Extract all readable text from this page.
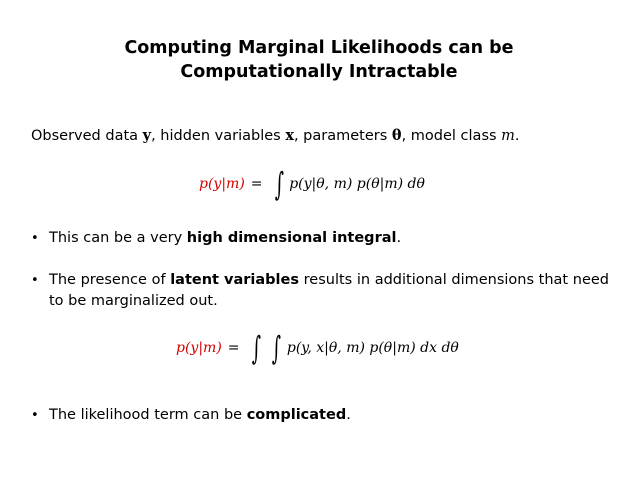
Computing Marginal Likelihoods can be
Computationally Intractable
Observed data y, hidden variables x, parameters θ, model class m.
p(y|m) = ∫ p(y|θ, m) p(θ|m) dθ
• This can be a very high dimensional integral.
• The presence of latent variables results in additional dimensions that need to be marginalized out.
p(y|m) = ∫ ∫ p(y, x|θ, m) p(θ|m) dx dθ
• The likelihood term can be complicated.
